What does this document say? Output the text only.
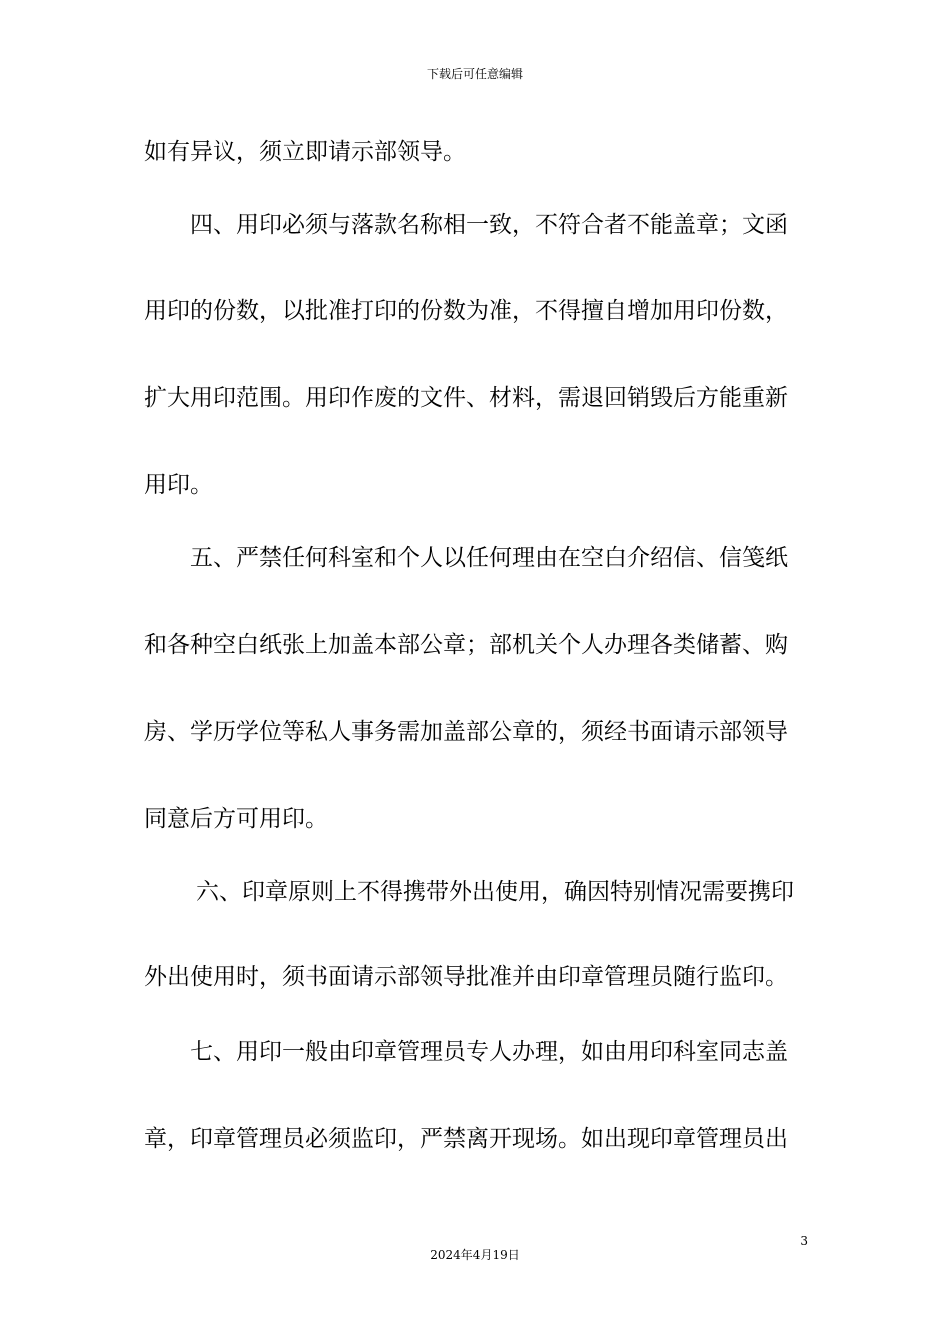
下载后可任意编辑
如有异议，须立即请示部领导。
四、用印必须与落款名称相一致，不符合者不能盖章；文函
用印的份数，以批准打印的份数为准，不得擅自增加用印份数，
扩大用印范围。用印作废的文件、材料，需退回销毁后方能重新
用印。
五、严禁任何科室和个人以任何理由在空白介绍信、信笺纸
和各种空白纸张上加盖本部公章；部机关个人办理各类储蓄、购
房、学历学位等私人事务需加盖部公章的，须经书面请示部领导
同意后方可用印。
六、印章原则上不得携带外出使用，确因特别情况需要携印
外出使用时，须书面请示部领导批准并由印章管理员随行监印。
七、用印一般由印章管理员专人办理，如由用印科室同志盖
章，印章管理员必须监印，严禁离开现场。如出现印章管理员出
3
2024年4月19日
